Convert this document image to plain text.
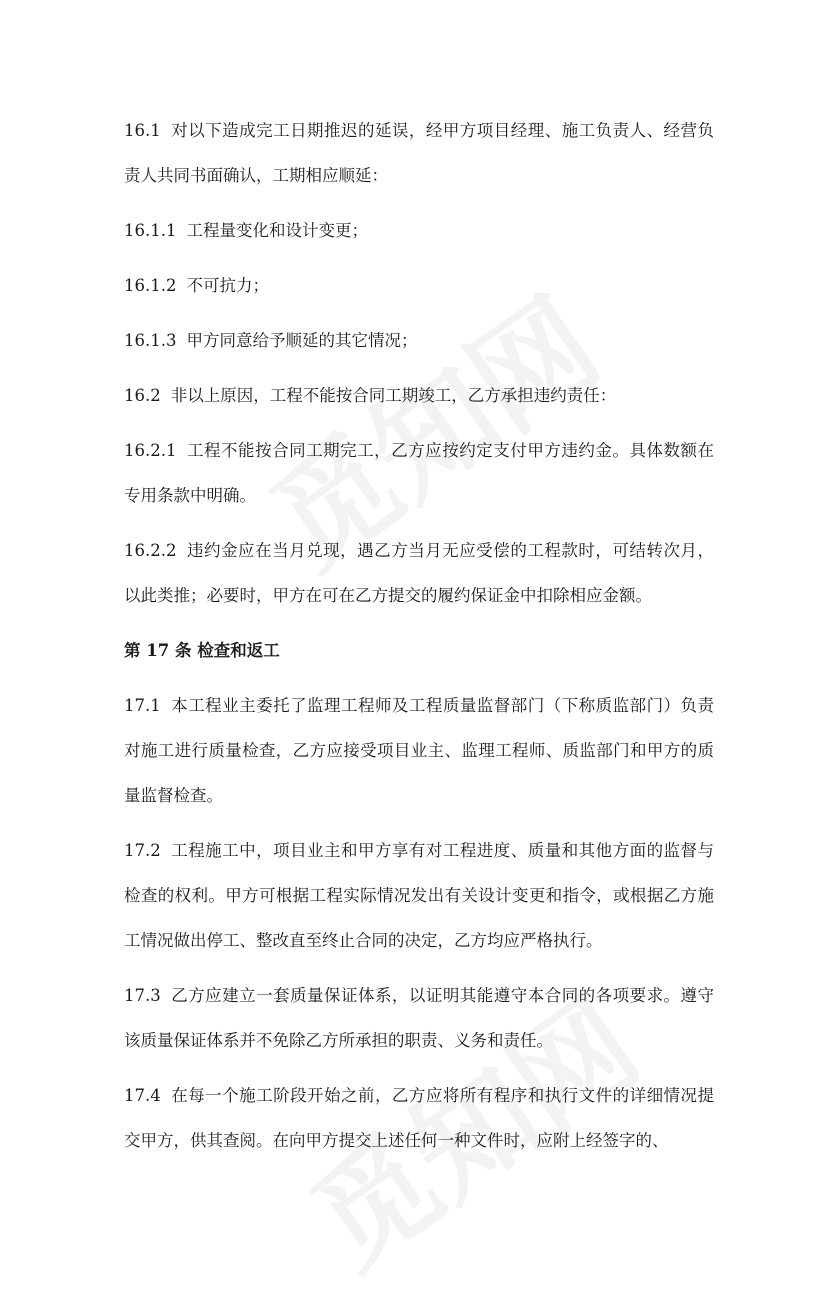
16.1 对以下造成完工日期推迟的延误，经甲方项目经理、施工负责人、经营负责人共同书面确认，工期相应顺延：

16.1.1 工程量变化和设计变更；

16.1.2 不可抗力；

16.1.3 甲方同意给予顺延的其它情况；

16.2 非以上原因，工程不能按合同工期竣工，乙方承担违约责任：

16.2.1 工程不能按合同工期完工，乙方应按约定支付甲方违约金。具体数额在专用条款中明确。

16.2.2 违约金应在当月兑现，遇乙方当月无应受偿的工程款时，可结转次月，以此类推；必要时，甲方在可在乙方提交的履约保证金中扣除相应金额。

第 17 条 检查和返工

17.1 本工程业主委托了监理工程师及工程质量监督部门（下称质监部门）负责对施工进行质量检查，乙方应接受项目业主、监理工程师、质监部门和甲方的质量监督检查。

17.2 工程施工中，项目业主和甲方享有对工程进度、质量和其他方面的监督与检查的权利。甲方可根据工程实际情况发出有关设计变更和指令，或根据乙方施工情况做出停工、整改直至终止合同的决定，乙方均应严格执行。

17.3 乙方应建立一套质量保证体系，以证明其能遵守本合同的各项要求。遵守该质量保证体系并不免除乙方所承担的职责、义务和责任。

17.4 在每一个施工阶段开始之前，乙方应将所有程序和执行文件的详细情况提交甲方，供其查阅。在向甲方提交上述任何一种文件时，应附上经签字的、
